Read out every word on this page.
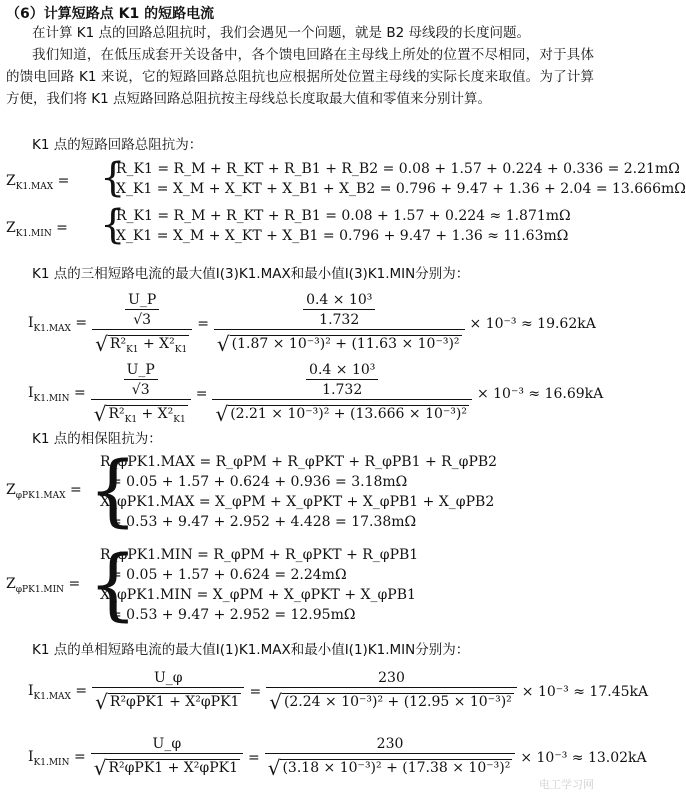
（6）计算短路点 K1 的短路电流
在计算 K1 点的回路总阻抗时，我们会遇见一个问题，就是 B2 母线段的长度问题。
我们知道，在低压成套开关设备中，各个馈电回路在主母线上所处的位置不尽相同，对于具体的馈电回路 K1 来说，它的短路回路总阻抗也应根据所处位置主母线的实际长度来取值。为了计算方便，我们将 K1 点短路回路总阻抗按主母线总长度取最大值和零值来分别计算。
K1 点的短路回路总阻抗为：
$Z_{K1.MAX}$ = {
R_K1 = R_M + R_KT + R_B1 + R_B2 = 0.08 + 1.57 + 0.224 + 0.336 = 2.21mΩ
X_K1 = X_M + X_KT + X_B1 + X_B2 = 0.796 + 9.47 + 1.36 + 2.04 = 13.666mΩ
$Z_{K1.MIN}$ = {
R_K1 = R_M + R_KT + R_B1 = 0.08 + 1.57 + 0.224 ≈ 1.871mΩ
X_K1 = X_M + X_KT + X_B1 = 0.796 + 9.47 + 1.36 ≈ 11.63mΩ
K1 点的三相短路电流的最大值I(3)K1.MAX和最小值I(3)K1.MIN分别为：
$I_{K1.MAX} = \frac{\frac{U\_P}{√3}}{√ R^2_{K1} + X^2_{K1}} = \frac{\frac{\text{0.4 × 10³}}{1.732}}{\text{√ (1.87 × 10⁻³)² + (11.63 × 10⁻³)²}} \times 10^{-3} \approx 19.62kA$
$I_{K1.MIN} = \frac{\frac{U\_P}{√3}}{√ R^2_{K1} + X^2_{K1}} = \frac{\frac{\text{0.4 × 10³}}{1.732}}{\text{√ (2.21 × 10⁻³)² + (13.666 × 10⁻³)²}} \times 10^{-3} \approx 16.69kA$
K1 点的相保阻抗为：
$Z_{\varphi PK1.MAX}$ = {
R_φPK1.MAX = R_φPM + R_φPKT + R_φPB1 + R_φPB2
= 0.05 + 1.57 + 0.624 + 0.936 = 3.18mΩ
X_φPK1.MAX = X_φPM + X_φPKT + X_φPB1 + X_φPB2
= 0.53 + 9.47 + 2.952 + 4.428 = 17.38mΩ
$Z_{\varphi PK1.MIN}$ = {
R_φPK1.MIN = R_φPM + R_φPKT + R_φPB1
= 0.05 + 1.57 + 0.624 = 2.24mΩ
X_φPK1.MIN = X_φPM + X_φPKT + X_φPB1
= 0.53 + 9.47 + 2.952 = 12.95mΩ
K1 点的单相短路电流的最大值I(1)K1.MAX和最小值I(1)K1.MIN分别为：
$I_{K1.MAX} = \frac{U\_\varphi}{\text{√ R²φPK1 + X²φPK1}} = \frac{230}{\text{√ (2.24 × 10⁻³)² + (12.95 × 10⁻³)²}} \times 10^{-3} \approx 17.45kA$
$I_{K1.MIN} = \frac{U\_\varphi}{\text{√ R²φPK1 + X²φPK1}} = \frac{230}{\text{√ (3.18 × 10⁻³)² + (17.38 × 10⁻³)²}} \times 10^{-3} \approx 13.02kA$
电工学习网
